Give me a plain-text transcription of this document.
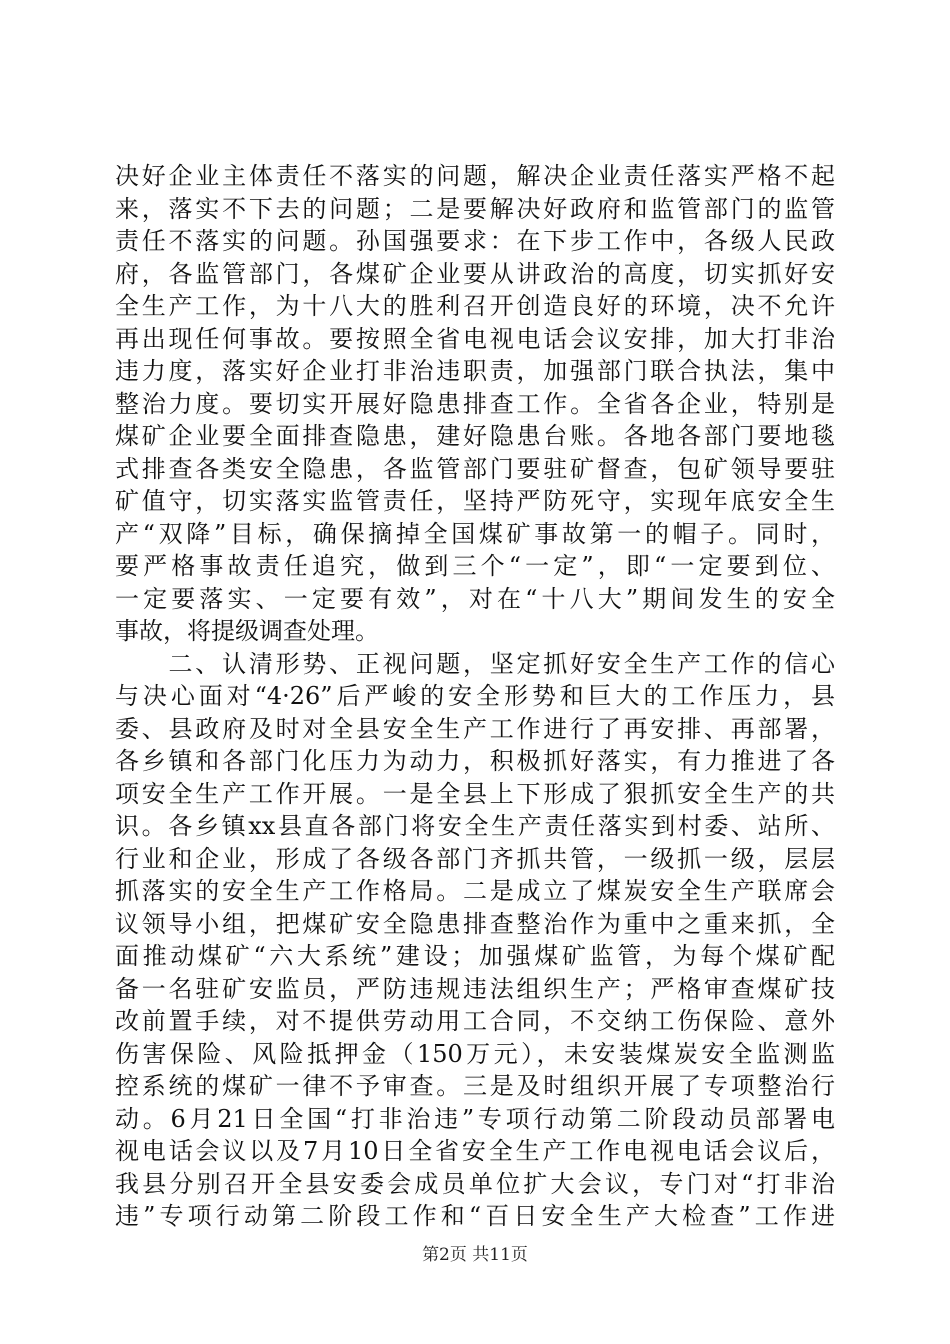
决好企业主体责任不落实的问题，解决企业责任落实严格不起
来，落实不下去的问题；二是要解决好政府和监管部门的监管
责任不落实的问题。孙国强要求：在下步工作中，各级人民政
府，各监管部门，各煤矿企业要从讲政治的高度，切实抓好安
全生产工作，为十八大的胜利召开创造良好的环境，决不允许
再出现任何事故。要按照全省电视电话会议安排，加大打非治
违力度，落实好企业打非治违职责，加强部门联合执法，集中
整治力度。要切实开展好隐患排查工作。全省各企业，特别是
煤矿企业要全面排查隐患，建好隐患台账。各地各部门要地毯
式排查各类安全隐患，各监管部门要驻矿督查，包矿领导要驻
矿值守，切实落实监管责任，坚持严防死守，实现年底安全生
产“双降”目标，确保摘掉全国煤矿事故第一的帽子。同时，
要严格事故责任追究，做到三个“一定”，即“一定要到位、
一定要落实、一定要有效”，对在“十八大”期间发生的安全
事故，将提级调查处理。
　　二、认清形势、正视问题，坚定抓好安全生产工作的信心
与决心面对“4·26”后严峻的安全形势和巨大的工作压力，县
委、县政府及时对全县安全生产工作进行了再安排、再部署，
各乡镇和各部门化压力为动力，积极抓好落实，有力推进了各
项安全生产工作开展。一是全县上下形成了狠抓安全生产的共
识。各乡镇xx县直各部门将安全生产责任落实到村委、站所、
行业和企业，形成了各级各部门齐抓共管，一级抓一级，层层
抓落实的安全生产工作格局。二是成立了煤炭安全生产联席会
议领导小组，把煤矿安全隐患排查整治作为重中之重来抓，全
面推动煤矿“六大系统”建设；加强煤矿监管，为每个煤矿配
备一名驻矿安监员，严防违规违法组织生产；严格审查煤矿技
改前置手续，对不提供劳动用工合同，不交纳工伤保险、意外
伤害保险、风险抵押金（150万元），未安装煤炭安全监测监
控系统的煤矿一律不予审查。三是及时组织开展了专项整治行
动。6月21日全国“打非治违”专项行动第二阶段动员部署电
视电话会议以及7月10日全省安全生产工作电视电话会议后，
我县分别召开全县安委会成员单位扩大会议，专门对“打非治
违”专项行动第二阶段工作和“百日安全生产大检查”工作进
第2页 共11页
